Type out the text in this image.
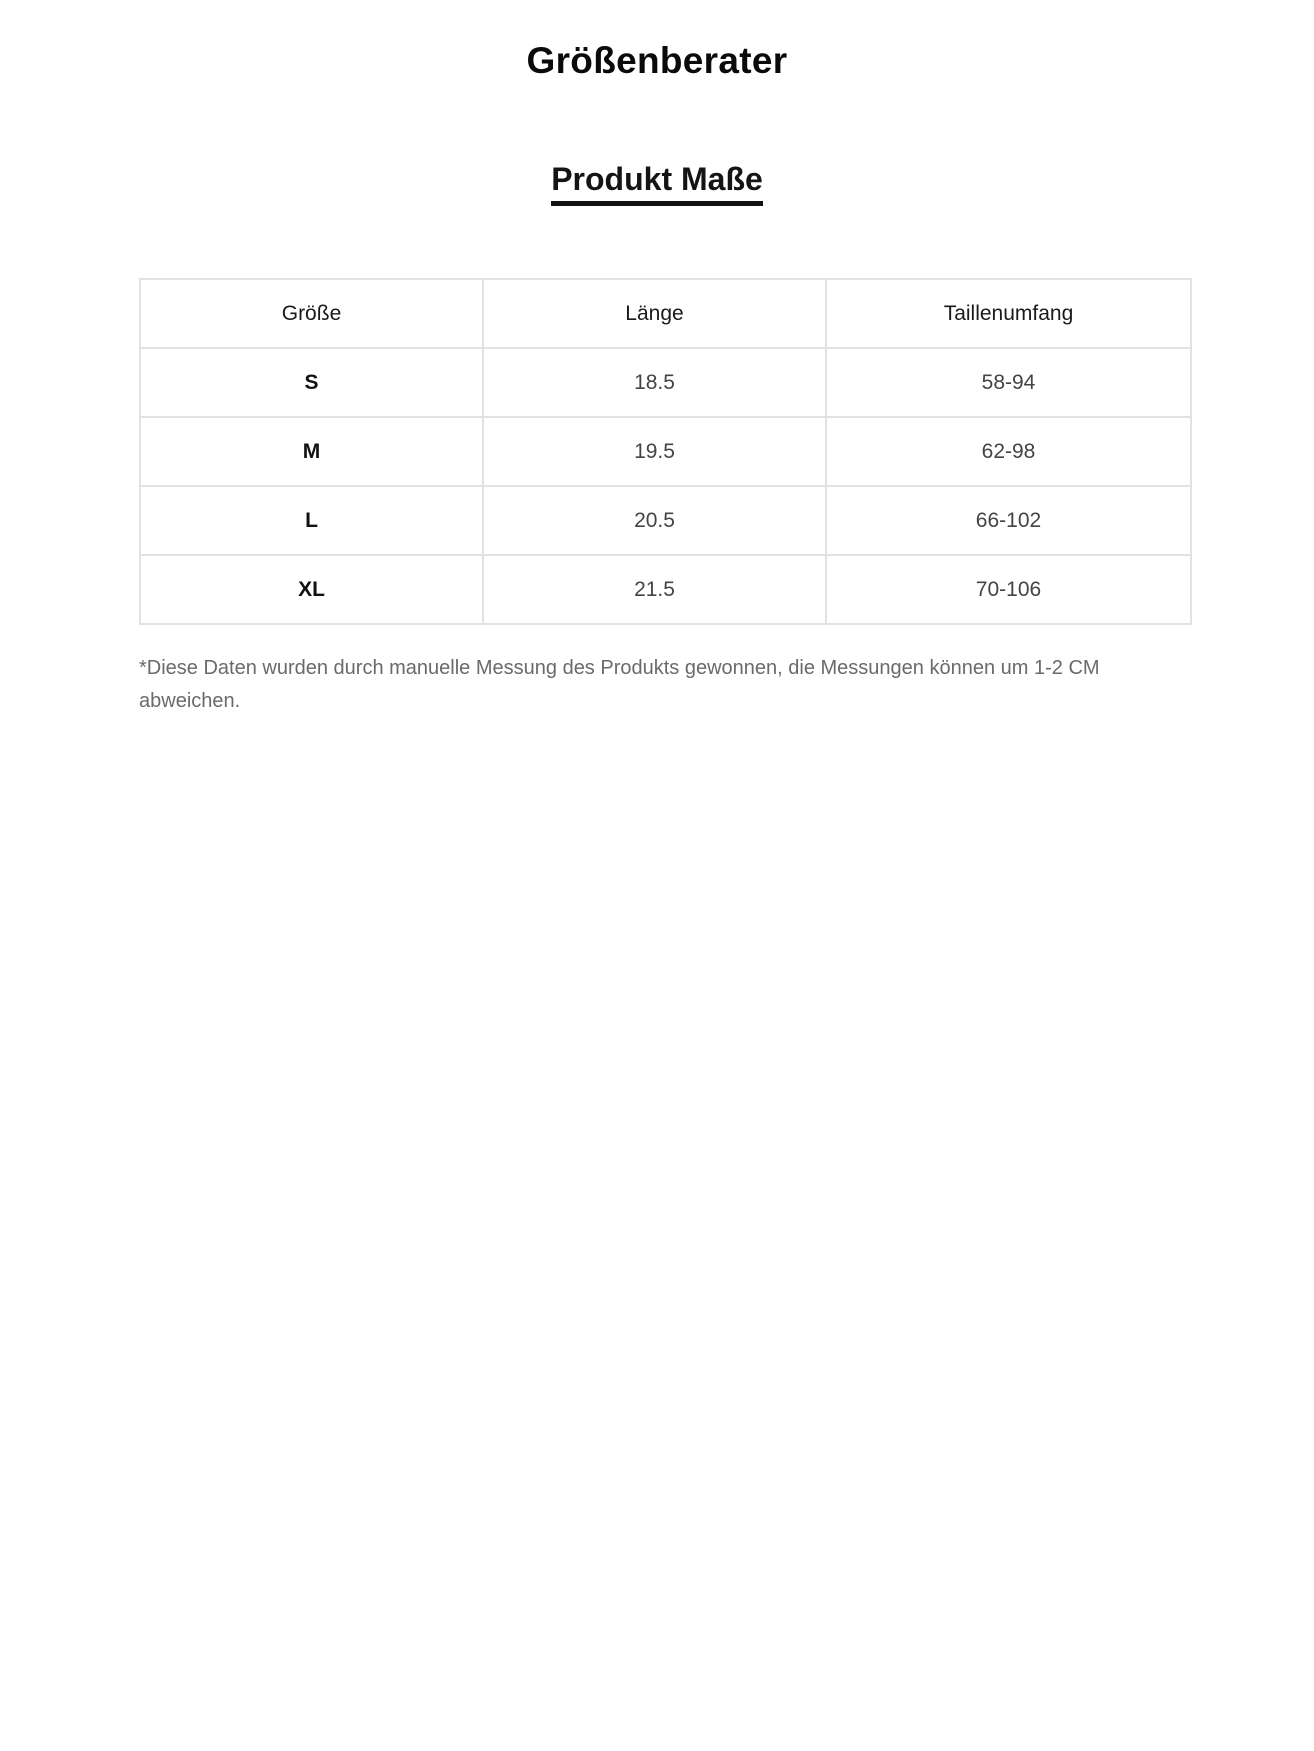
Größenberater
Produkt Maße
Größe	Länge	Taillenumfang
S	18.5	58-94
M	19.5	62-98
L	20.5	66-102
XL	21.5	70-106

*Diese Daten wurden durch manuelle Messung des Produkts gewonnen, die Messungen können um 1-2 CM abweichen.
